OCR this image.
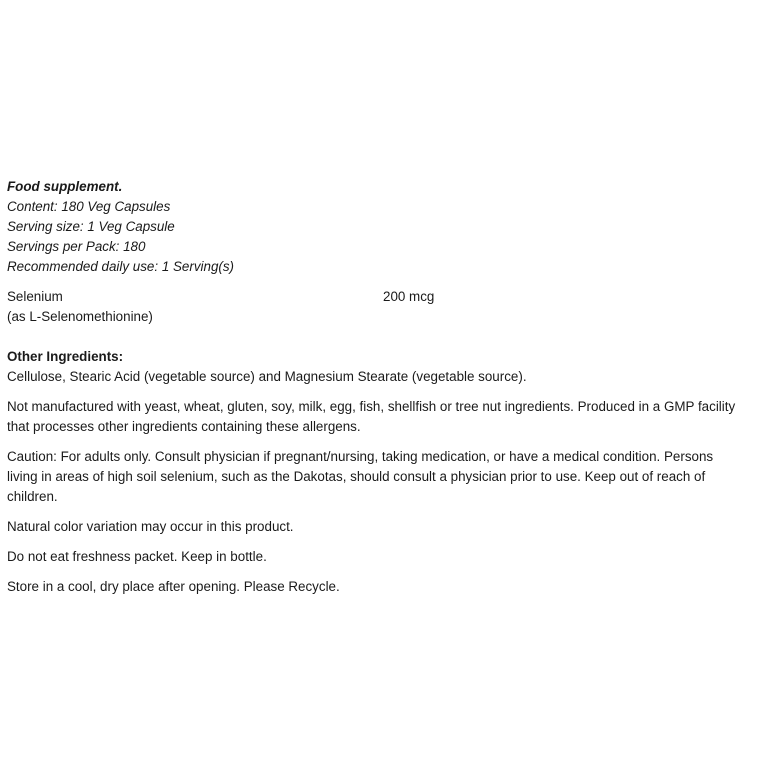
Food supplement.
Content: 180 Veg Capsules
Serving size: 1 Veg Capsule
Servings per Pack: 180
Recommended daily use: 1 Serving(s)
Selenium
(as L-Selenomethionine)
200 mcg
Other Ingredients:
Cellulose, Stearic Acid (vegetable source) and Magnesium Stearate (vegetable source).
Not manufactured with yeast, wheat, gluten, soy, milk, egg, fish, shellfish or tree nut ingredients. Produced in a GMP facility
that processes other ingredients containing these allergens.
Caution: For adults only. Consult physician if pregnant/nursing, taking medication, or have a medical condition. Persons
living in areas of high soil selenium, such as the Dakotas, should consult a physician prior to use. Keep out of reach of
children.
Natural color variation may occur in this product.
Do not eat freshness packet. Keep in bottle.
Store in a cool, dry place after opening. Please Recycle.
